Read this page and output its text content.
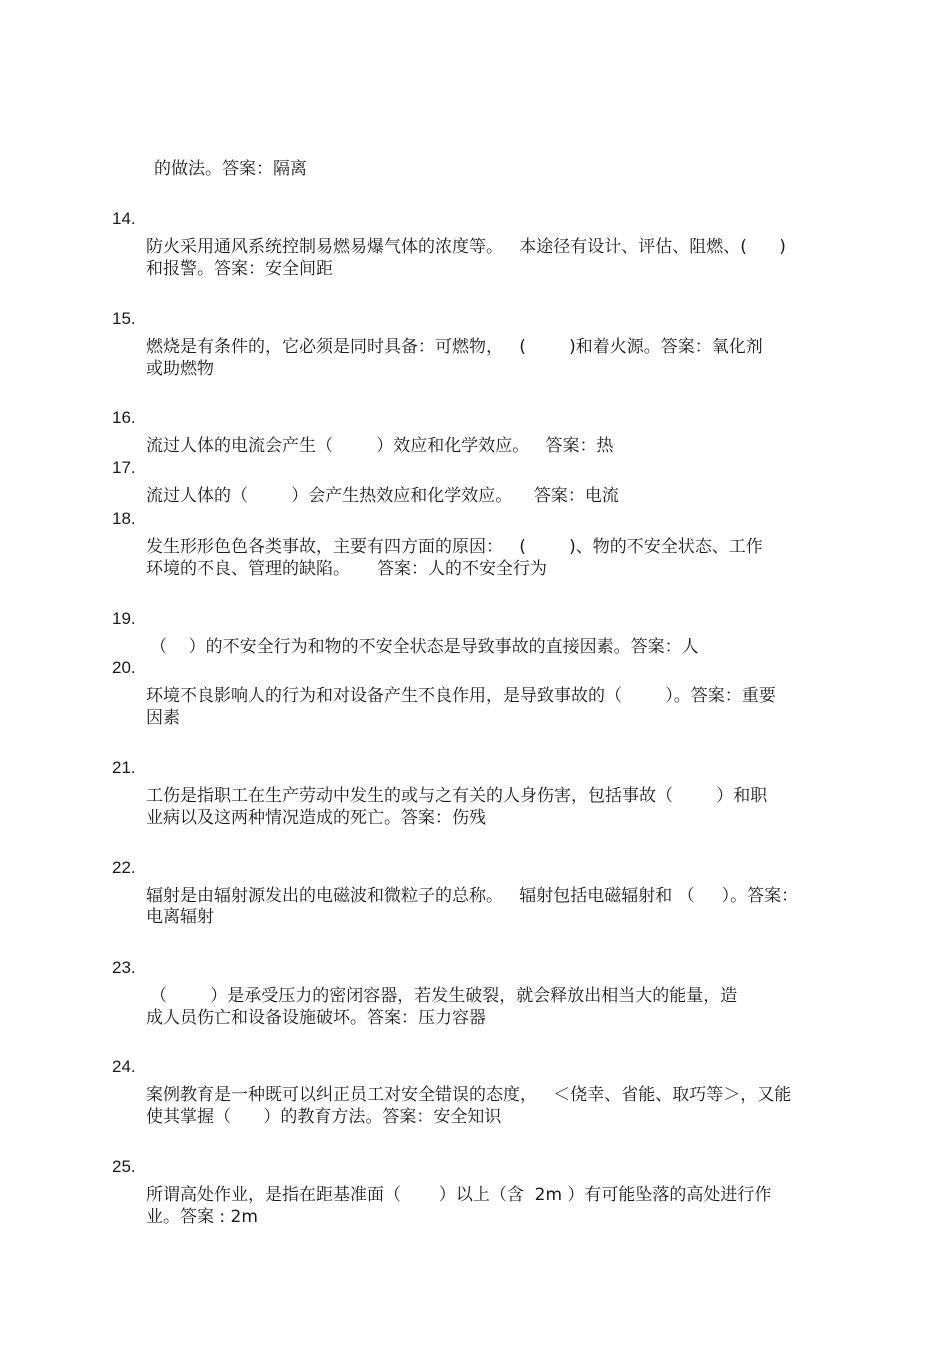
的做法。答案：隔离

14.

防火采用通风系统控制易燃易爆气体的浓度等。   本途径有设计、评估、阻燃、(      )

和报警。答案：安全间距

15.

燃烧是有条件的，它必须是同时具备：可燃物，   (        )和着火源。答案：氧化剂

或助燃物

16.

流过人体的电流会产生（        ）效应和化学效应。   答案：热

17.

流过人体的（        ）会产生热效应和化学效应。    答案：电流

18.

发生形形色色各类事故，主要有四方面的原因：   (        )、物的不安全状态、工作

环境的不良、管理的缺陷。     答案：人的不安全行为

19.

（    ）的不安全行为和物的不安全状态是导致事故的直接因素。答案：人

20.

环境不良影响人的行为和对设备产生不良作用，是导致事故的（        ）。答案：重要

因素

21.

工伤是指职工在生产劳动中发生的或与之有关的人身伤害，包括事故（        ）和职

业病以及这两种情况造成的死亡。答案：伤残

22.

辐射是由辐射源发出的电磁波和微粒子的总称。   辐射包括电磁辐射和 （     ）。答案：

电离辐射

23.

（        ）是承受压力的密闭容器，若发生破裂，就会释放出相当大的能量，造

成人员伤亡和设备设施破坏。答案：压力容器

24.

案例教育是一种既可以纠正员工对安全错误的态度，   ＜侥幸、省能、取巧等＞，又能

使其掌握（      ）的教育方法。答案：安全知识

25.

所谓高处作业，是指在距基准面（       ）以上（含  2m ）有可能坠落的高处进行作

业。答案 : 2m
